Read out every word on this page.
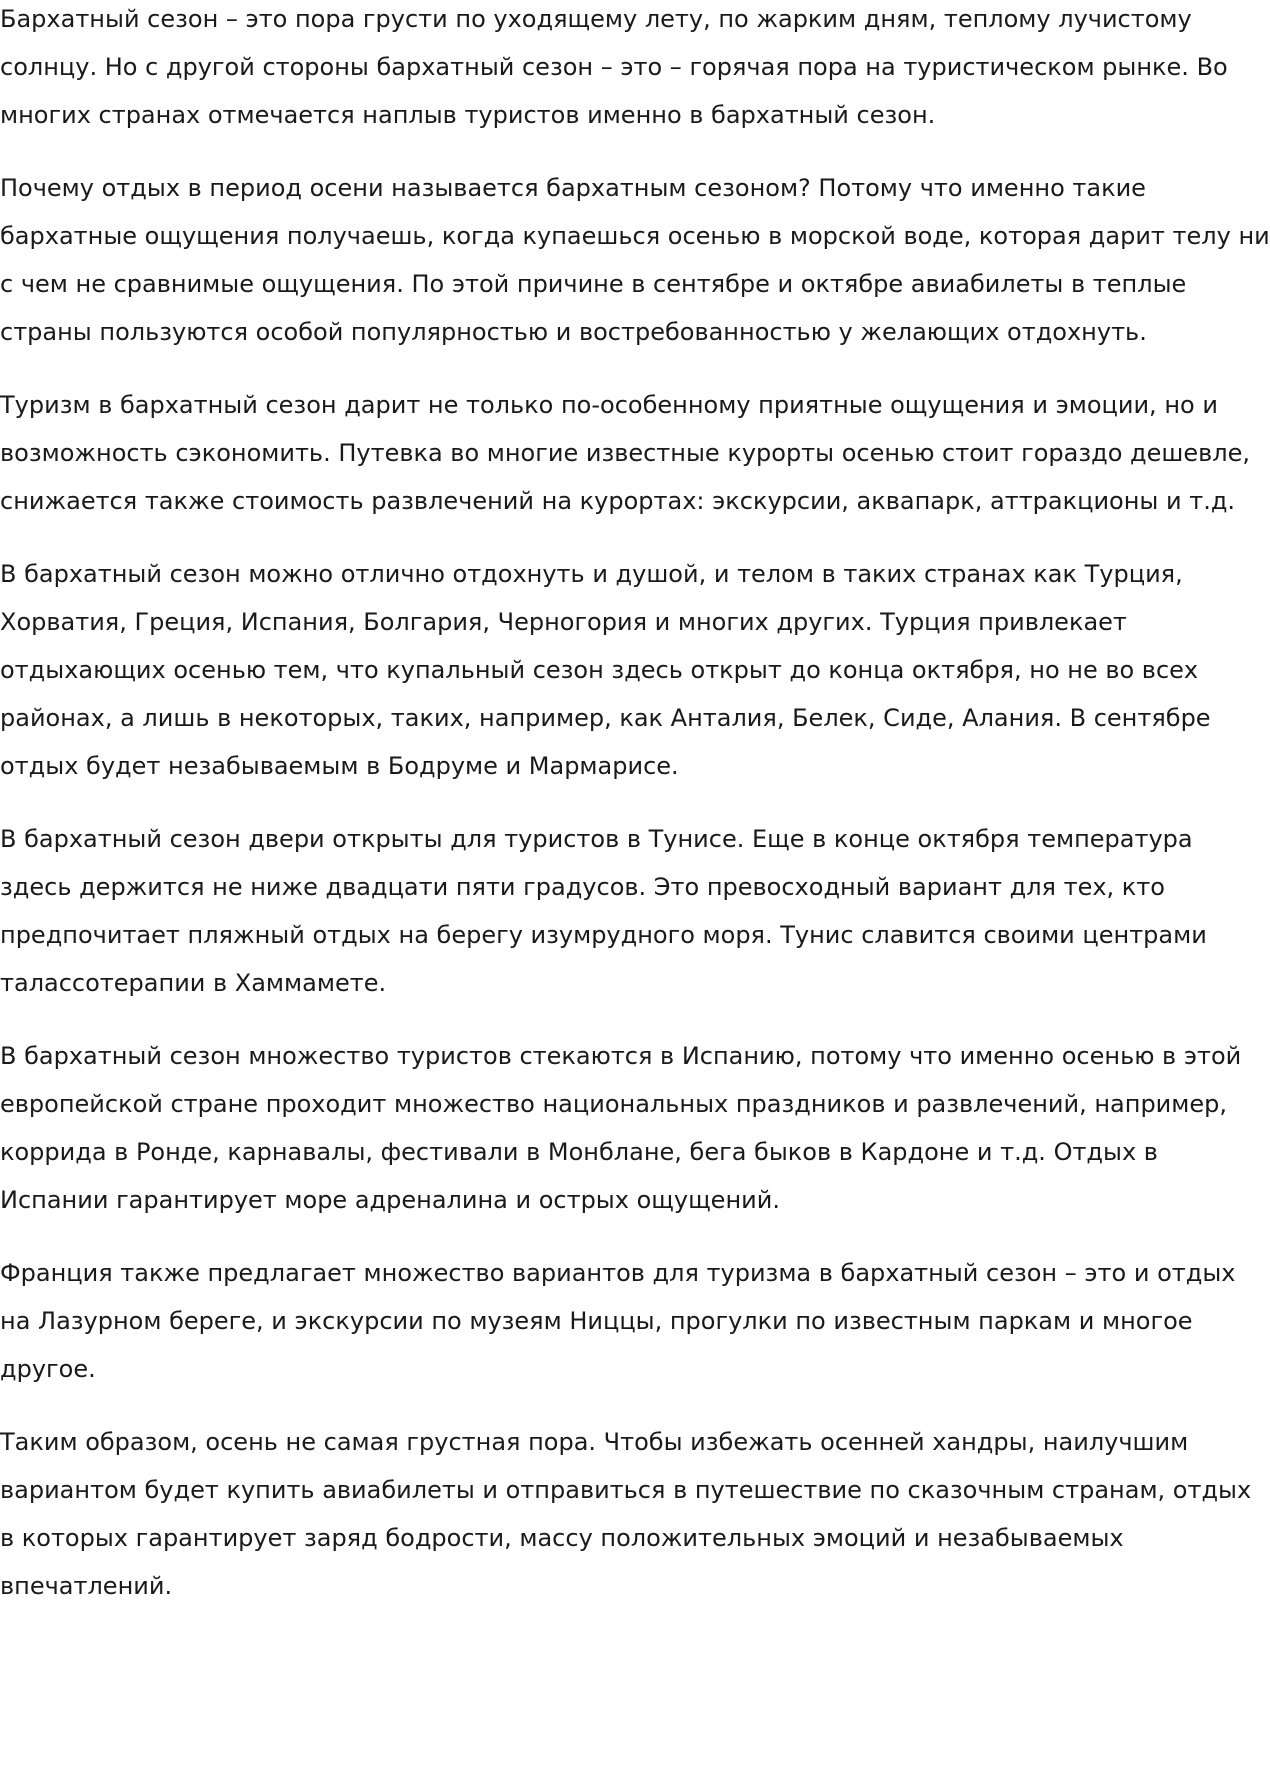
Бархатный сезон – это пора грусти по уходящему лету, по жарким дням, теплому лучистому солнцу. Но с другой стороны бархатный сезон – это – горячая пора на туристическом рынке. Во многих странах отмечается наплыв туристов именно в бархатный сезон.

Почему отдых в период осени называется бархатным сезоном? Потому что именно такие бархатные ощущения получаешь, когда купаешься осенью в морской воде, которая дарит телу ни с чем не сравнимые ощущения. По этой причине в сентябре и октябре авиабилеты в теплые страны пользуются особой популярностью и востребованностью у желающих отдохнуть.

Туризм в бархатный сезон дарит не только по-особенному приятные ощущения и эмоции, но и возможность сэкономить. Путевка во многие известные курорты осенью стоит гораздо дешевле, снижается также стоимость развлечений на курортах: экскурсии, аквапарк, аттракционы и т.д.

В бархатный сезон можно отлично отдохнуть и душой, и телом в таких странах как Турция, Хорватия, Греция, Испания, Болгария, Черногория и многих других. Турция привлекает отдыхающих осенью тем, что купальный сезон здесь открыт до конца октября, но не во всех районах, а лишь в некоторых, таких, например, как Анталия, Белек, Сиде, Алания. В сентябре отдых будет незабываемым в Бодруме и Мармарисе.

В бархатный сезон двери открыты для туристов в Тунисе. Еще в конце октября температура здесь держится не ниже двадцати пяти градусов. Это превосходный вариант для тех, кто предпочитает пляжный отдых на берегу изумрудного моря. Тунис славится своими центрами талассотерапии в Хаммамете.

В бархатный сезон множество туристов стекаются в Испанию, потому что именно осенью в этой европейской стране проходит множество национальных праздников и развлечений, например, коррида в Ронде, карнавалы, фестивали в Монблане, бега быков в Кардоне и т.д. Отдых в Испании гарантирует море адреналина и острых ощущений.

Франция также предлагает множество вариантов для туризма в бархатный сезон – это и отдых на Лазурном береге, и экскурсии по музеям Ниццы, прогулки по известным паркам и многое другое.

Таким образом, осень не самая грустная пора. Чтобы избежать осенней хандры, наилучшим вариантом будет купить авиабилеты и отправиться в путешествие по сказочным странам, отдых в которых гарантирует заряд бодрости, массу положительных эмоций и незабываемых впечатлений.
